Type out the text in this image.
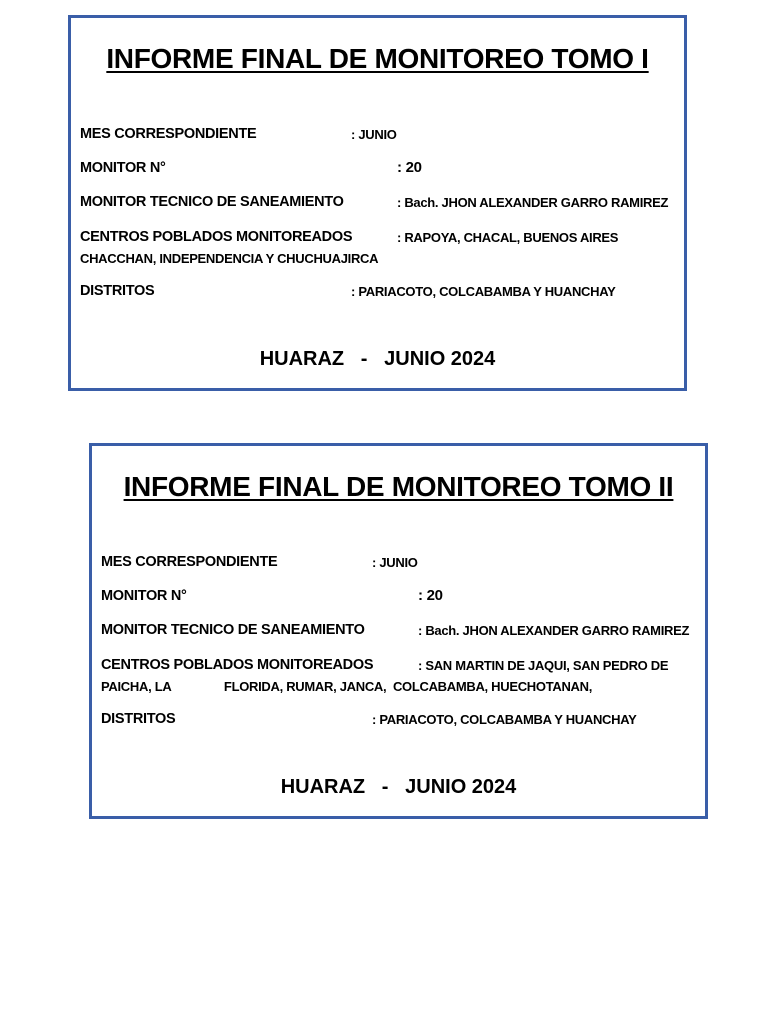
INFORME FINAL DE MONITOREO TOMO I
MES CORRESPONDIENTE	: JUNIO
MONITOR N°	: 20
MONITOR TECNICO DE SANEAMIENTO	: Bach. JHON ALEXANDER GARRO RAMIREZ
CENTROS POBLADOS MONITOREADOS	: RAPOYA, CHACAL, BUENOS AIRES
CHACCHAN, INDEPENDENCIA Y CHUCHUAJIRCA
DISTRITOS	: PARIACOTO, COLCABAMBA Y HUANCHAY
HUARAZ   -   JUNIO 2024
INFORME FINAL DE MONITOREO TOMO II
MES CORRESPONDIENTE	: JUNIO
MONITOR N°	: 20
MONITOR TECNICO DE SANEAMIENTO	: Bach. JHON ALEXANDER GARRO RAMIREZ
CENTROS POBLADOS MONITOREADOS	: SAN MARTIN DE JAQUI, SAN PEDRO DE
PAICHA, LA                FLORIDA, RUMAR, JANCA,  COLCABAMBA, HUECHOTANAN,
DISTRITOS	: PARIACOTO, COLCABAMBA Y HUANCHAY
HUARAZ   -   JUNIO 2024
